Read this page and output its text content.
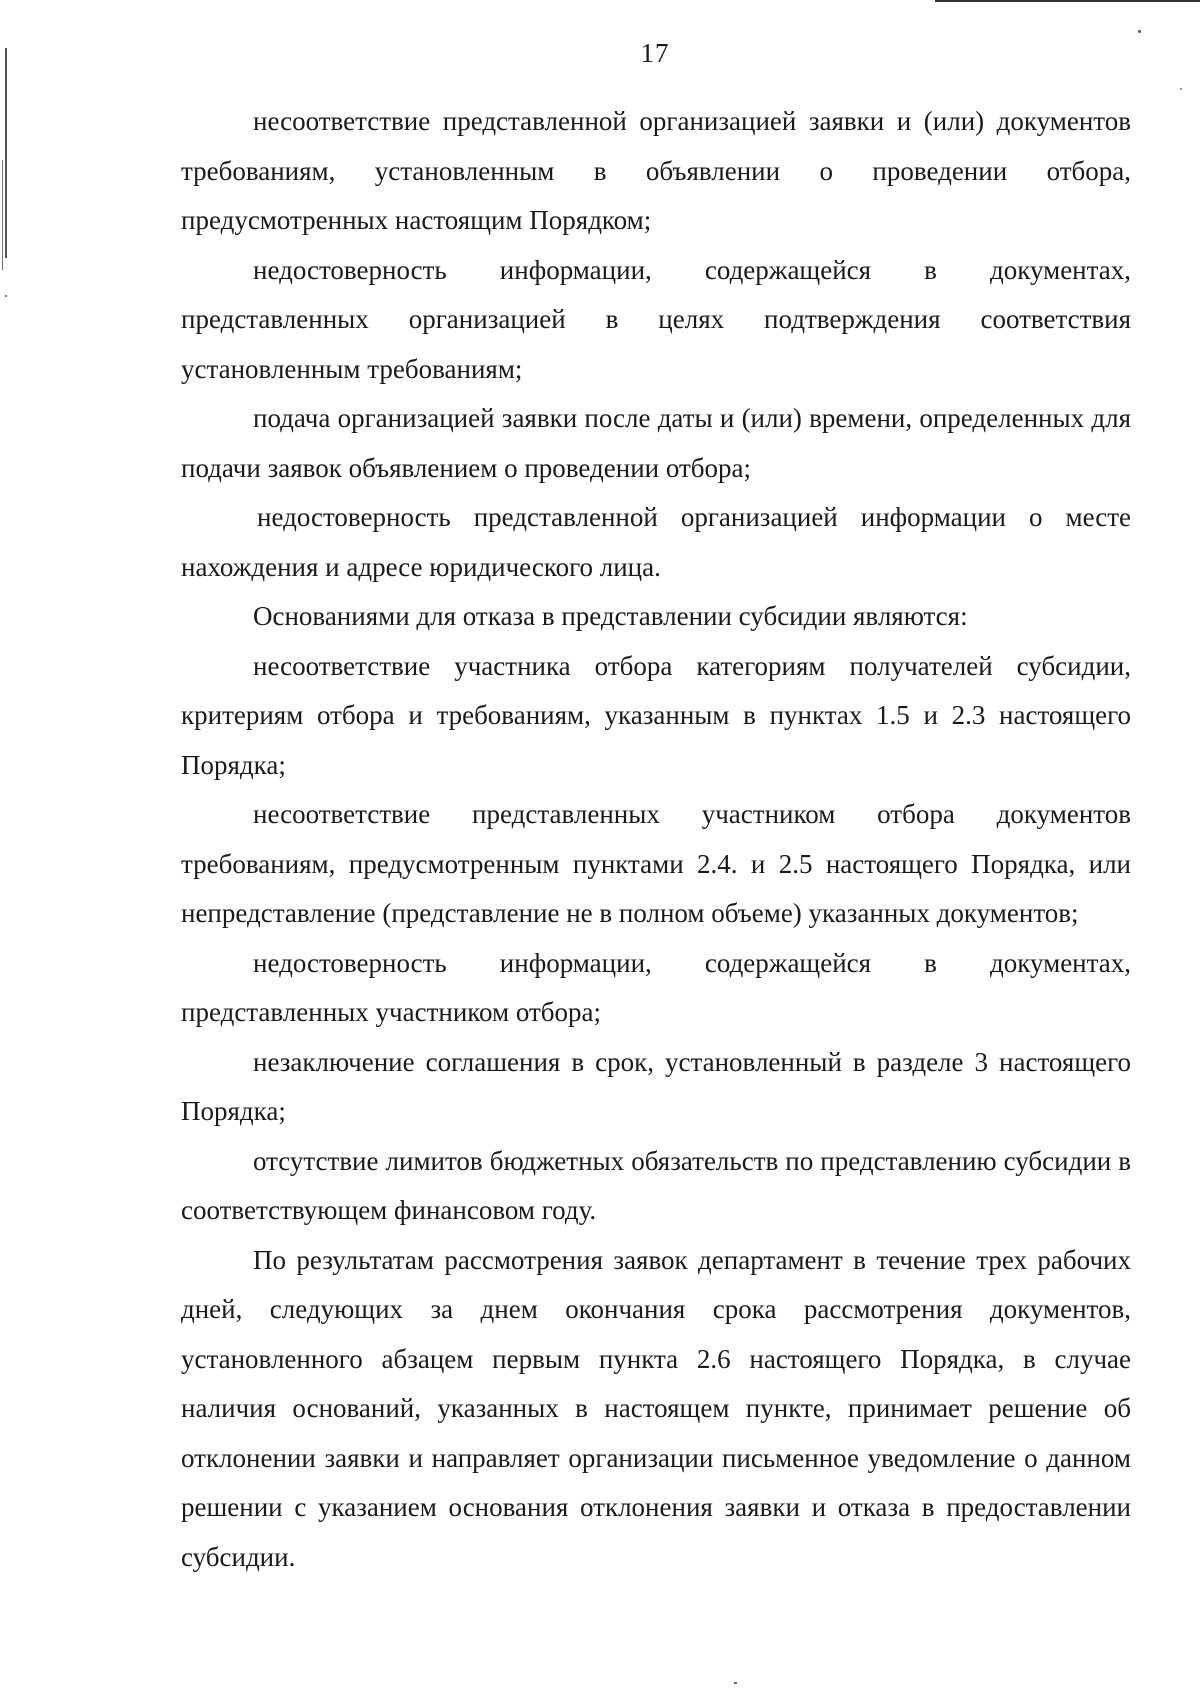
17

несоответствие представленной организацией заявки и (или) документов требованиям, установленным в объявлении о проведении отбора, предусмотренных настоящим Порядком;

недостоверность информации, содержащейся в документах, представленных организацией в целях подтверждения соответствия установленным требованиям;

подача организацией заявки после даты и (или) времени, определенных для подачи заявок объявлением о проведении отбора;

недостоверность представленной организацией информации о месте нахождения и адресе юридического лица.

Основаниями для отказа в представлении субсидии являются:

несоответствие участника отбора категориям получателей субсидии, критериям отбора и требованиям, указанным в пунктах 1.5 и 2.3 настоящего Порядка;

несоответствие представленных участником отбора документов требованиям, предусмотренным пунктами 2.4. и 2.5 настоящего Порядка, или непредставление (представление не в полном объеме) указанных документов;

недостоверность информации, содержащейся в документах, представленных участником отбора;

незаключение соглашения в срок, установленный в разделе 3 настоящего Порядка;

отсутствие лимитов бюджетных обязательств по представлению субсидии в соответствующем финансовом году.

По результатам рассмотрения заявок департамент в течение трех рабочих дней, следующих за днем окончания срока рассмотрения документов, установленного абзацем первым пункта 2.6 настоящего Порядка, в случае наличия оснований, указанных в настоящем пункте, принимает решение об отклонении заявки и направляет организации письменное уведомление о данном решении с указанием основания отклонения заявки и отказа в предоставлении субсидии.
